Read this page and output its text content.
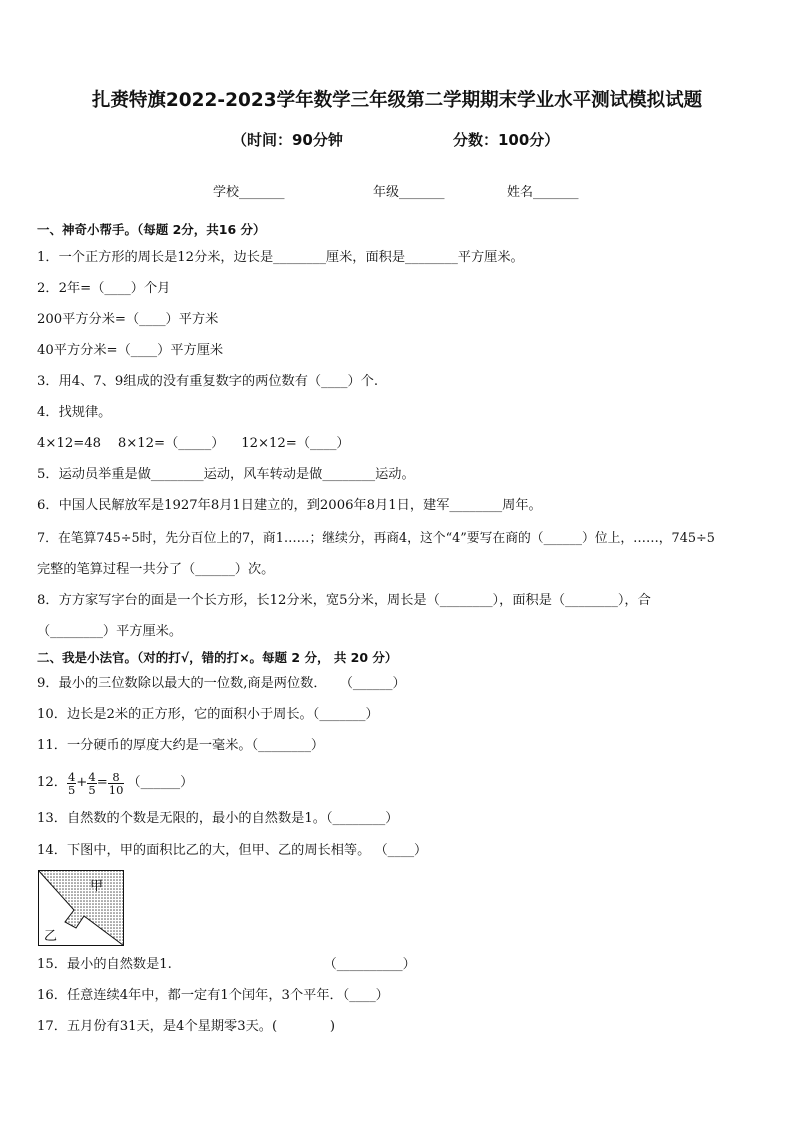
扎赉特旗2022-2023学年数学三年级第二学期期末学业水平测试模拟试题
（时间：90分钟	分数：100分）
学校_______	年级_______	姓名_______
一、神奇小帮手。（每题 2分，共16 分）
1．一个正方形的周长是12分米，边长是________厘米，面积是________平方厘米。
2．2年=（____）个月
200平方分米=（____）平方米
40平方分米=（____）平方厘米
3．用4、7、9组成的没有重复数字的两位数有（____）个.
4．找规律。
4×12=48    8×12=（_____）    12×12=（____）
5．运动员举重是做________运动，风车转动是做________运动。
6．中国人民解放军是1927年8月1日建立的，到2006年8月1日，建军________周年。
7．在笔算745÷5时，先分百位上的7，商1……；继续分，再商4，这个“4”要写在商的（______）位上，……，745÷5
完整的笔算过程一共分了（______）次。
8．方方家写字台的面是一个长方形，长12分米，宽5分米，周长是（________），面积是（________），合
（________）平方厘米。
二、我是小法官。（对的打√，错的打×。每题 2 分， 共 20 分）
9．最小的三位数除以最大的一位数,商是两位数．　　（______）
10．边长是2米的正方形，它的面积小于周长。（_______）
11．一分硬币的厚度大约是一毫米。（________）
12． $\frac{4}{5} + \frac{4}{5} = \frac{8}{10}$ （______）
13．自然数的个数是无限的，最小的自然数是1。（________）
14．下图中，甲的面积比乙的大，但甲、乙的周长相等。 （____）
甲
乙
15．最小的自然数是1.　　　　　　　　　　　　（__________）
16．任意连续4年中，都一定有1个闰年，3个平年．（____）
17．五月份有31天，是4个星期零3天。(　　　　)
